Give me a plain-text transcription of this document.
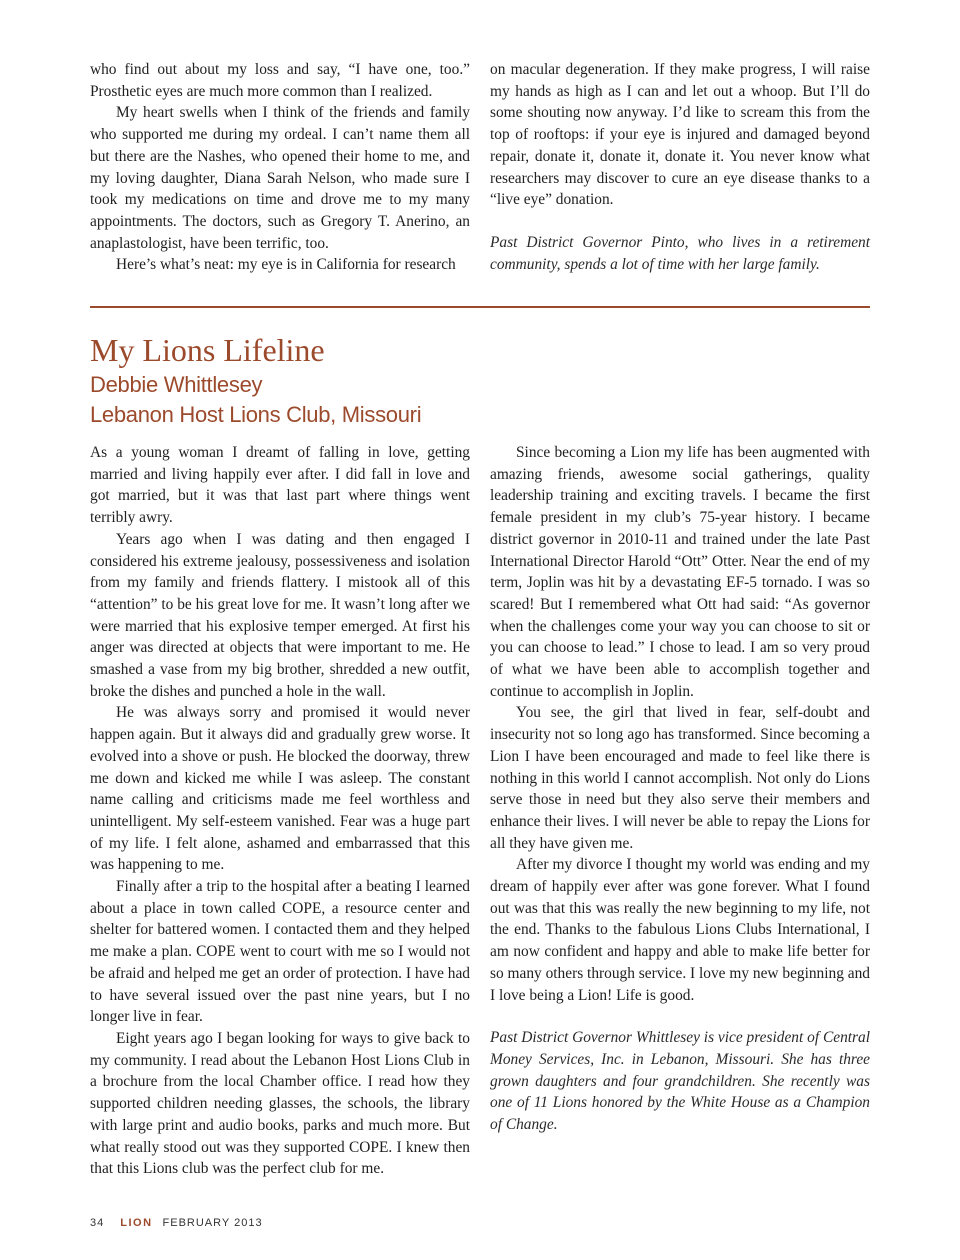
who find out about my loss and say, “I have one, too.” Prosthetic eyes are much more common than I realized.

My heart swells when I think of the friends and family who supported me during my ordeal. I can’t name them all but there are the Nashes, who opened their home to me, and my loving daughter, Diana Sarah Nelson, who made sure I took my medications on time and drove me to my many appointments. The doctors, such as Gregory T. Anerino, an anaplastologist, have been terrific, too.

Here’s what’s neat: my eye is in California for research

on macular degeneration. If they make progress, I will raise my hands as high as I can and let out a whoop. But I’ll do some shouting now anyway. I’d like to scream this from the top of rooftops: if your eye is injured and damaged beyond repair, donate it, donate it, donate it. You never know what researchers may discover to cure an eye disease thanks to a “live eye” donation.

Past District Governor Pinto, who lives in a retirement community, spends a lot of time with her large family.

My Lions Lifeline
Debbie Whittlesey
Lebanon Host Lions Club, Missouri

As a young woman I dreamt of falling in love, getting married and living happily ever after. I did fall in love and got married, but it was that last part where things went terribly awry.

Years ago when I was dating and then engaged I considered his extreme jealousy, possessiveness and isolation from my family and friends flattery. I mistook all of this “attention” to be his great love for me. It wasn’t long after we were married that his explosive temper emerged. At first his anger was directed at objects that were important to me. He smashed a vase from my big brother, shredded a new outfit, broke the dishes and punched a hole in the wall.

He was always sorry and promised it would never happen again. But it always did and gradually grew worse. It evolved into a shove or push. He blocked the doorway, threw me down and kicked me while I was asleep. The constant name calling and criticisms made me feel worthless and unintelligent. My self-esteem vanished. Fear was a huge part of my life. I felt alone, ashamed and embarrassed that this was happening to me.

Finally after a trip to the hospital after a beating I learned about a place in town called COPE, a resource center and shelter for battered women. I contacted them and they helped me make a plan. COPE went to court with me so I would not be afraid and helped me get an order of protection. I have had to have several issued over the past nine years, but I no longer live in fear.

Eight years ago I began looking for ways to give back to my community. I read about the Lebanon Host Lions Club in a brochure from the local Chamber office. I read how they supported children needing glasses, the schools, the library with large print and audio books, parks and much more. But what really stood out was they supported COPE. I knew then that this Lions club was the perfect club for me.

Since becoming a Lion my life has been augmented with amazing friends, awesome social gatherings, quality leadership training and exciting travels. I became the first female president in my club’s 75-year history. I became district governor in 2010-11 and trained under the late Past International Director Harold “Ott” Otter. Near the end of my term, Joplin was hit by a devastating EF-5 tornado. I was so scared! But I remembered what Ott had said: “As governor when the challenges come your way you can choose to sit or you can choose to lead.” I chose to lead. I am so very proud of what we have been able to accomplish together and continue to accomplish in Joplin.

You see, the girl that lived in fear, self-doubt and insecurity not so long ago has transformed. Since becoming a Lion I have been encouraged and made to feel like there is nothing in this world I cannot accomplish. Not only do Lions serve those in need but they also serve their members and enhance their lives. I will never be able to repay the Lions for all they have given me.

After my divorce I thought my world was ending and my dream of happily ever after was gone forever. What I found out was that this was really the new beginning to my life, not the end. Thanks to the fabulous Lions Clubs International, I am now confident and happy and able to make life better for so many others through service. I love my new beginning and I love being a Lion! Life is good.

Past District Governor Whittlesey is vice president of Central Money Services, Inc. in Lebanon, Missouri. She has three grown daughters and four grandchildren. She recently was one of 11 Lions honored by the White House as a Champion of Change.

34 LION FEBRUARY 2013
